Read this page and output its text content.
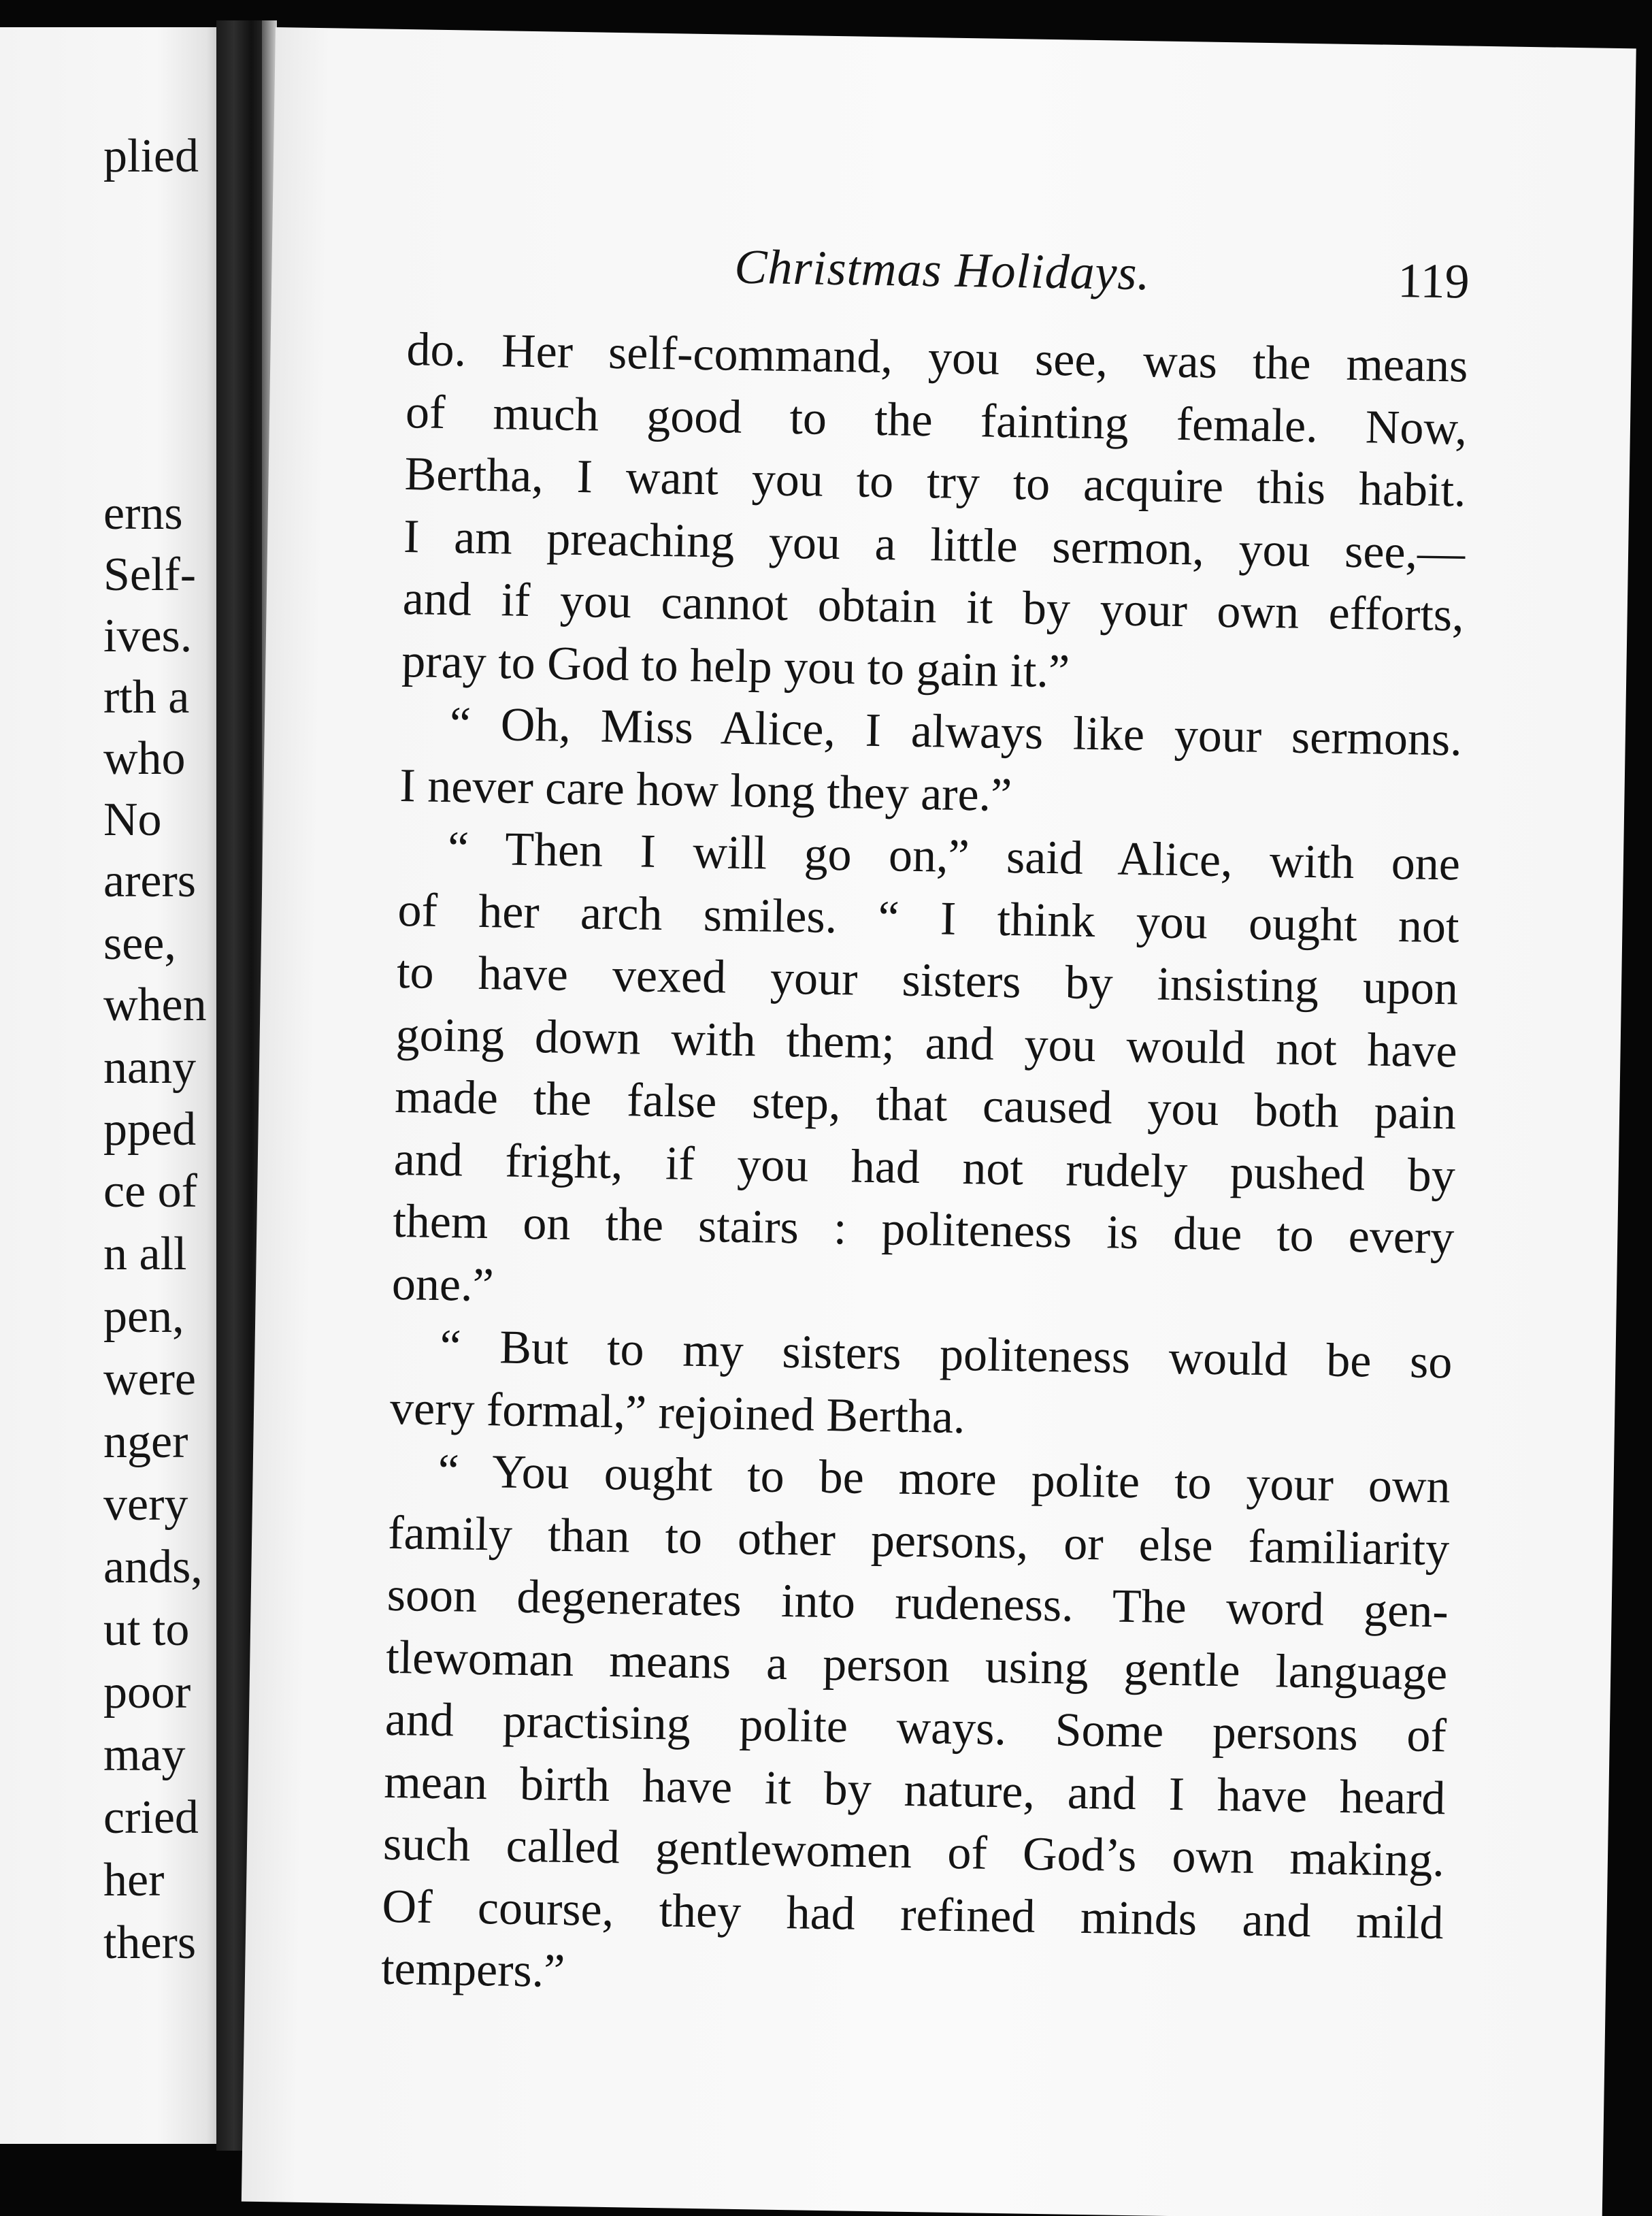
plied
erns
Self-
ives.
rth a
who
No
arers
see,
when
nany
pped
ce of
n all
pen,
were
nger
very
ands,
ut to
poor
may
cried
her
thers
Christmas Holidays.	119
do. Her self-command, you see, was the means
of much good to the fainting female. Now,
Bertha, I want you to try to acquire this habit.
I am preaching you a little sermon, you see,—
and if you cannot obtain it by your own efforts,
pray to God to help you to gain it.”
“ Oh, Miss Alice, I always like your sermons.
I never care how long they are.”
“ Then I will go on,” said Alice, with one
of her arch smiles. “ I think you ought not
to have vexed your sisters by insisting upon
going down with them; and you would not have
made the false step, that caused you both pain
and fright, if you had not rudely pushed by
them on the stairs : politeness is due to every
one.”
“ But to my sisters politeness would be so
very formal,” rejoined Bertha.
“ You ought to be more polite to your own
family than to other persons, or else familiarity
soon degenerates into rudeness. The word gen-
tlewoman means a person using gentle language
and practising polite ways. Some persons of
mean birth have it by nature, and I have heard
such called gentlewomen of God’s own making.
Of course, they had refined minds and mild
tempers.”
